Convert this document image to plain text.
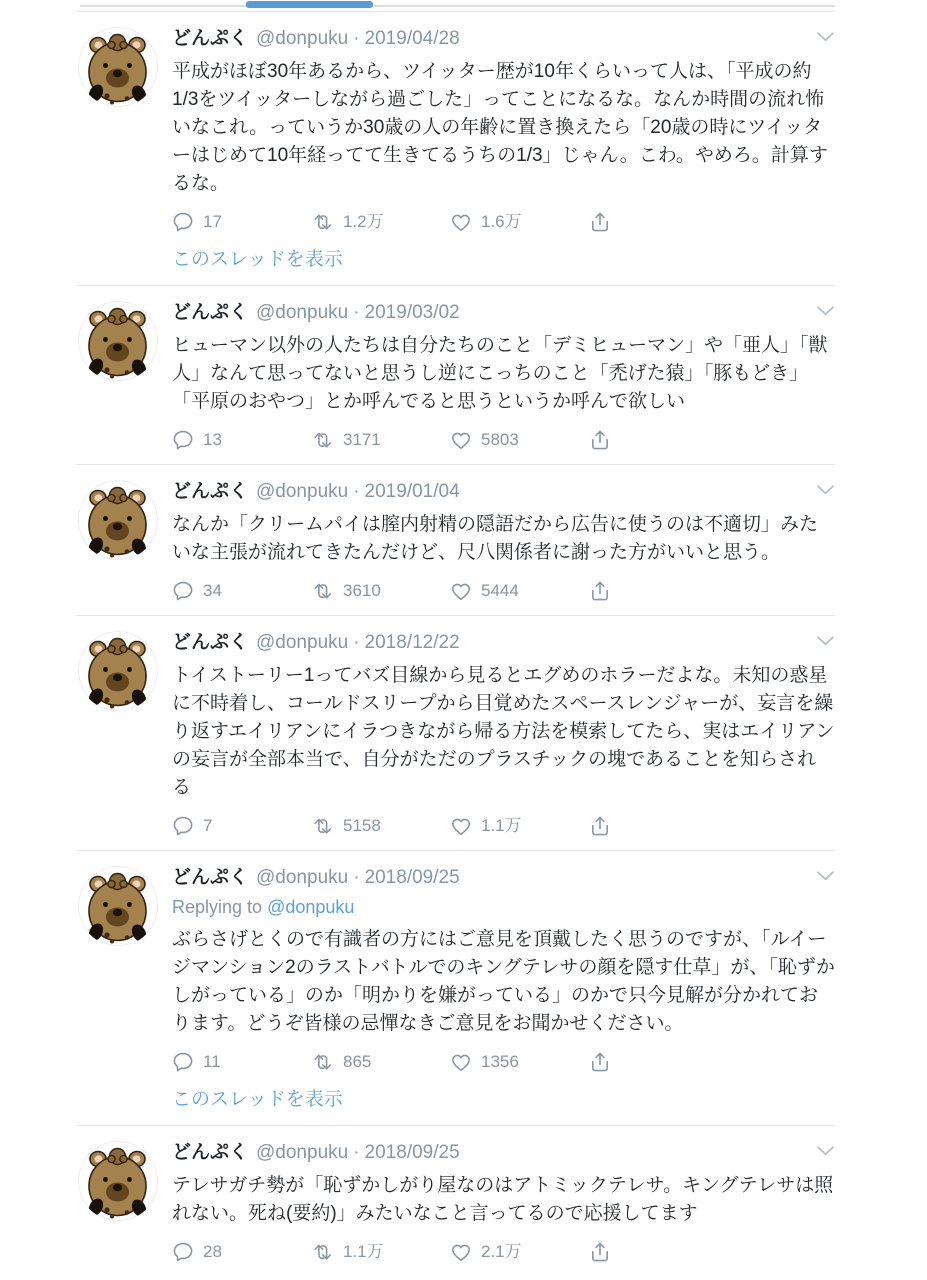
どんぷく @donpuku · 2019/04/28

平成がほぼ30年あるから、ツイッター歴が10年くらいって人は、「平成の約1/3をツイッターしながら過ごした」ってことになるな。なんか時間の流れ怖いなこれ。っていうか30歳の人の年齢に置き換えたら「20歳の時にツイッターはじめて10年経ってて生きてるうちの1/3」じゃん。こわ。やめろ。計算するな。

17	1.2万	1.6万
このスレッドを表示
どんぷく @donpuku · 2019/03/02

ヒューマン以外の人たちは自分たちのこと「デミヒューマン」や「亜人」「獣人」なんて思ってないと思うし逆にこっちのこと「禿げた猿」「豚もどき」「平原のおやつ」とか呼んでると思うというか呼んで欲しい

13	3171	5803
どんぷく @donpuku · 2019/01/04

なんか「クリームパイは膣内射精の隠語だから広告に使うのは不適切」みたいな主張が流れてきたんだけど、尺八関係者に謝った方がいいと思う。

34	3610	5444
どんぷく @donpuku · 2018/12/22

トイストーリー1ってバズ目線から見るとエグめのホラーだよな。未知の惑星に不時着し、コールドスリープから目覚めたスペースレンジャーが、妄言を繰り返すエイリアンにイラつきながら帰る方法を模索してたら、実はエイリアンの妄言が全部本当で、自分がただのプラスチックの塊であることを知らされる

7	5158	1.1万
どんぷく @donpuku · 2018/09/25
Replying to @donpuku

ぶらさげとくので有識者の方にはご意見を頂戴したく思うのですが、「ルイージマンション2のラストバトルでのキングテレサの顔を隠す仕草」が、「恥ずかしがっている」のか「明かりを嫌がっている」のかで只今見解が分かれております。どうぞ皆様の忌憚なきご意見をお聞かせください。

11	865	1356
このスレッドを表示
どんぷく @donpuku · 2018/09/25

テレサガチ勢が「恥ずかしがり屋なのはアトミックテレサ。キングテレサは照れない。死ね(要約)」みたいなこと言ってるので応援してます

28	1.1万	2.1万
